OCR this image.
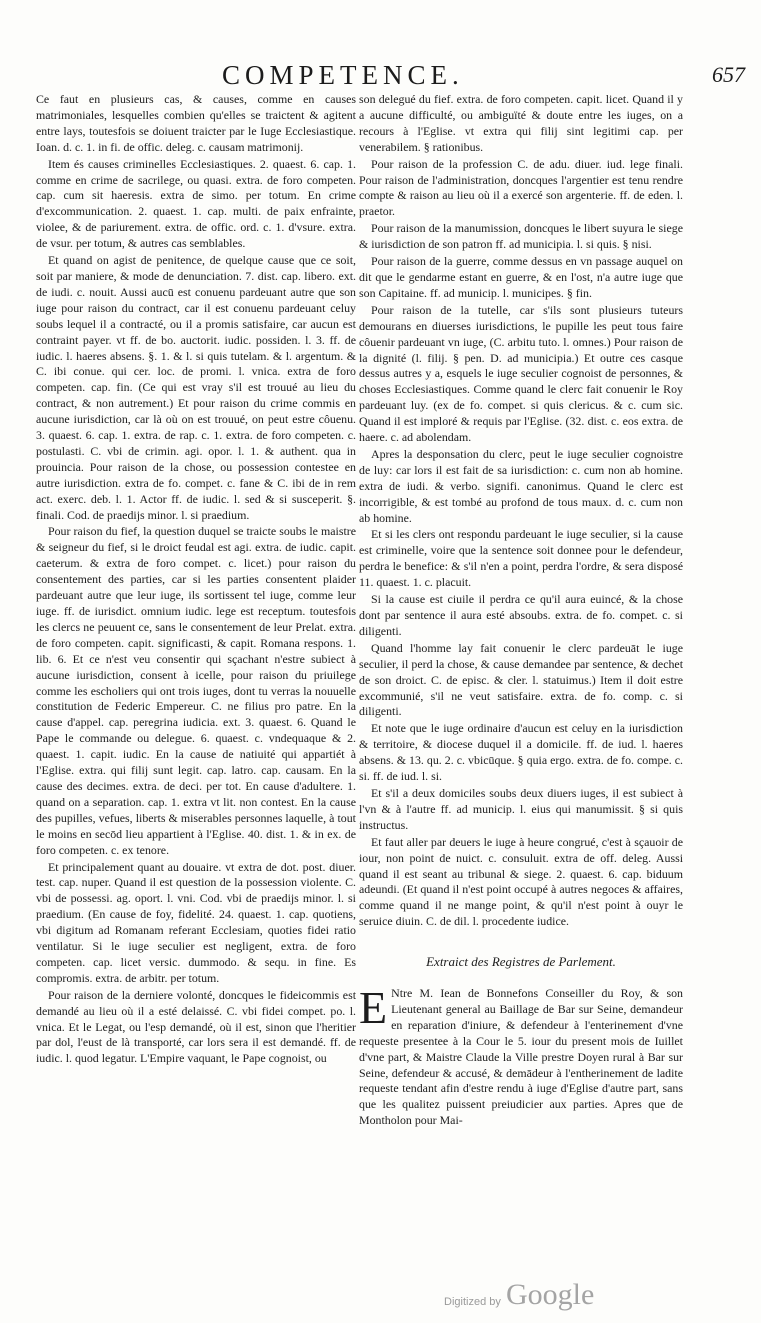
COMPETENCE.	657

Ce faut en plusieurs cas, & causes, comme en causes matrimoniales, lesquelles combien qu'elles se traictent & agitent entre lays, toutesfois se doiuent traicter par le Iuge Ecclesiastique. Ioan. d. c. 1. in fi. de offic. deleg. c. causam matrimonij.

Item és causes criminelles Ecclesiastiques. 2. quaest. 6. cap. 1. comme en crime de sacrilege, ou quasi. extra. de foro competen. cap. cum sit haeresis. extra de simo. per totum. En crime d'excommunication. 2. quaest. 1. cap. multi. de paix enfrainte, violee, & de pariurement. extra. de offic. ord. c. 1. d'vsure. extra. de vsur. per totum, & autres cas semblables.

Et quand on agist de penitence, de quelque cause que ce soit, soit par maniere, & mode de denunciation. 7. dist. cap. libero. ext. de iudi. c. nouit. Aussi aucū est conuenu pardeuant autre que son iuge pour raison du contract, car il est conuenu pardeuant celuy soubs lequel il a contracté, ou il a promis satisfaire, car aucun est contraint payer. vt ff. de bo. auctorit. iudic. possiden. l. 3. ff. de iudic. l. haeres absens. §. 1. & l. si quis tutelam. & l. argentum. & C. ibi conue. qui cer. loc. de promi. l. vnica. extra de foro competen. cap. fin. (Ce qui est vray s'il est trouué au lieu du contract, & non autrement.) Et pour raison du crime commis en aucune iurisdiction, car là où on est trouué, on peut estre côuenu. 3. quaest. 6. cap. 1. extra. de rap. c. 1. extra. de foro competen. c. postulasti. C. vbi de crimin. agi. opor. l. 1. & authent. qua in prouincia. Pour raison de la chose, ou possession contestee en autre iurisdiction. extra de fo. compet. c. fane & C. ibi de in rem act. exerc. deb. l. 1. Actor ff. de iudic. l. sed & si susceperit. §. finali. Cod. de praedijs minor. l. si praedium.

Pour raison du fief, la question duquel se traicte soubs le maistre & seigneur du fief, si le droict feudal est agi. extra. de iudic. capit. caeterum. & extra de foro compet. c. licet.) pour raison du consentement des parties, car si les parties consentent plaider pardeuant autre que leur iuge, ils sortissent tel iuge, comme leur iuge. ff. de iurisdict. omnium iudic. lege est receptum. toutesfois les clercs ne peuuent ce, sans le consentement de leur Prelat. extra. de foro competen. capit. significasti, & capit. Romana respons. 1. lib. 6. Et ce n'est veu consentir qui sçachant n'estre subiect à aucune iurisdiction, consent à icelle, pour raison du priuilege comme les escholiers qui ont trois iuges, dont tu verras la nouuelle constitution de Federic Empereur. C. ne filius pro patre. En la cause d'appel. cap. peregrina iudicia. ext. 3. quaest. 6. Quand le Pape le commande ou delegue. 6. quaest. c. vndequaque & 2. quaest. 1. capit. iudic. En la cause de natiuité qui appartiét à l'Eglise. extra. qui filij sunt legit. cap. latro. cap. causam. En la cause des decimes. extra. de deci. per tot. En cause d'adultere. 1. quand on a separation. cap. 1. extra vt lit. non contest. En la cause des pupilles, vefues, liberts & miserables personnes laquelle, à tout le moins en secōd lieu appartient à l'Eglise. 40. dist. 1. & in ex. de foro competen. c. ex tenore.

Et principalement quant au douaire. vt extra de dot. post. diuer. test. cap. nuper. Quand il est question de la possession violente. C. vbi de possessi. ag. oport. l. vni. Cod. vbi de praedijs minor. l. si praedium. (En cause de foy, fidelité. 24. quaest. 1. cap. quotiens, vbi digitum ad Romanam referant Ecclesiam, quoties fidei ratio ventilatur. Si le iuge seculier est negligent, extra. de foro competen. cap. licet versic. dummodo. & sequ. in fine. Es compromis. extra. de arbitr. per totum.

Pour raison de la derniere volonté, doncques le fideicommis est demandé au lieu où il a esté delaissé. C. vbi fidei compet. po. l. vnica. Et le Legat, ou l'esp demandé, où il est, sinon que l'heritier par dol, l'eust de là transporté, car lors sera il est demandé. ff. de iudic. l. quod legatur. L'Empire vaquant, le Pape cognoist, ou

son delegué du fief. extra. de foro competen. capit. licet. Quand il y a aucune difficulté, ou ambiguïté & doute entre les iuges, on a recours à l'Eglise. vt extra qui filij sint legitimi cap. per venerabilem. § rationibus.

Pour raison de la profession C. de adu. diuer. iud. lege finali. Pour raison de l'administration, doncques l'argentier est tenu rendre compte & raison au lieu où il a exercé son argenterie. ff. de eden. l. praetor.

Pour raison de la manumission, doncques le libert suyura le siege & iurisdiction de son patron ff. ad municipia. l. si quis. § nisi.

Pour raison de la guerre, comme dessus en vn passage auquel on dit que le gendarme estant en guerre, & en l'ost, n'a autre iuge que son Capitaine. ff. ad municip. l. municipes. § fin.

Pour raison de la tutelle, car s'ils sont plusieurs tuteurs demourans en diuerses iurisdictions, le pupille les peut tous faire côuenir pardeuant vn iuge, (C. arbitu tuto. l. omnes.) Pour raison de la dignité (l. filij. § pen. D. ad municipia.) Et outre ces casque dessus autres y a, esquels le iuge seculier cognoist de personnes, & choses Ecclesiastiques. Comme quand le clerc fait conuenir le Roy pardeuant luy. (ex de fo. compet. si quis clericus. & c. cum sic. Quand il est imploré & requis par l'Eglise. (32. dist. c. eos extra. de haere. c. ad abolendam.

Apres la desponsation du clerc, peut le iuge seculier cognoistre de luy: car lors il est fait de sa iurisdiction: c. cum non ab homine. extra de iudi. & verbo. signifi. canonimus. Quand le clerc est incorrigible, & est tombé au profond de tous maux. d. c. cum non ab homine.

Et si les clers ont respondu pardeuant le iuge seculier, si la cause est criminelle, voire que la sentence soit donnee pour le defendeur, perdra le benefice: & s'il n'en a point, perdra l'ordre, & sera disposé 11. quaest. 1. c. placuit.

Si la cause est ciuile il perdra ce qu'il aura euincé, & la chose dont par sentence il aura esté absoubs. extra. de fo. compet. c. si diligenti.

Quand l'homme lay fait conuenir le clerc pardeuāt le iuge seculier, il perd la chose, & cause demandee par sentence, & dechet de son droict. C. de episc. & cler. l. statuimus.) Item il doit estre excommunié, s'il ne veut satisfaire. extra. de fo. comp. c. si diligenti.

Et note que le iuge ordinaire d'aucun est celuy en la iurisdiction & territoire, & diocese duquel il a domicile. ff. de iud. l. haeres absens. & 13. qu. 2. c. vbicūque. § quia ergo. extra. de fo. compe. c. si. ff. de iud. l. si.

Et s'il a deux domiciles soubs deux diuers iuges, il est subiect à l'vn & à l'autre ff. ad municip. l. eius qui manumissit. § si quis instructus.

Et faut aller par deuers le iuge à heure congrué, c'est à sçauoir de iour, non point de nuict. c. consuluit. extra de off. deleg. Aussi quand il est seant au tribunal & siege. 2. quaest. 6. cap. biduum adeundi. (Et quand il n'est point occupé à autres negoces & affaires, comme quand il ne mange point, & qu'il n'est point à ouyr le seruice diuin. C. de dil. l. procedente iudice.

Extraict des Registres de Parlement.

E Ntre M. Iean de Bonnefons Conseiller du Roy, & son Lieutenant general au Baillage de Bar sur Seine, demandeur en reparation d'iniure, & defendeur à l'enterinement d'vne requeste presentee à la Cour le 5. iour du present mois de Iuillet d'vne part, & Maistre Claude la Ville prestre Doyen rural à Bar sur Seine, defendeur & accusé, & demādeur à l'entherinement de ladite requeste tendant afin d'estre rendu à iuge d'Eglise d'autre part, sans que les qualitez puissent preiudicier aux parties. Apres que de Montholon pour Mai-

Digitized by Google
